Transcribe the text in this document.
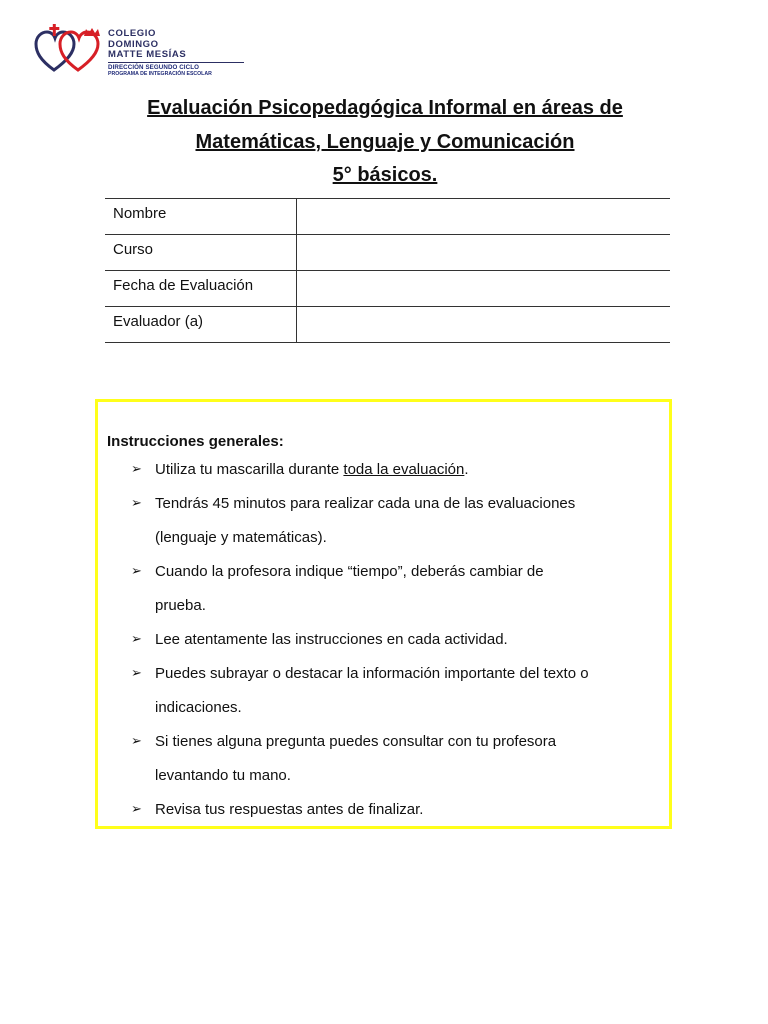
COLEGIO
DOMINGO
MATTE MESÍAS
DIRECCIÓN SEGUNDO CICLO
PROGRAMA DE INTEGRACIÓN ESCOLAR
Evaluación Psicopedagógica Informal en áreas de
Matemáticas, Lenguaje y Comunicación
5° básicos.
Nombre	
Curso	
Fecha de Evaluación	
Evaluador (a)	
Instrucciones generales:
➢ Utiliza tu mascarilla durante toda la evaluación.
➢ Tendrás 45 minutos para realizar cada una de las evaluaciones
(lenguaje y matemáticas).
➢ Cuando la profesora indique “tiempo”, deberás cambiar de
prueba.
➢ Lee atentamente las instrucciones en cada actividad.
➢ Puedes subrayar o destacar la información importante del texto o
indicaciones.
➢ Si tienes alguna pregunta puedes consultar con tu profesora
levantando tu mano.
➢ Revisa tus respuestas antes de finalizar.
